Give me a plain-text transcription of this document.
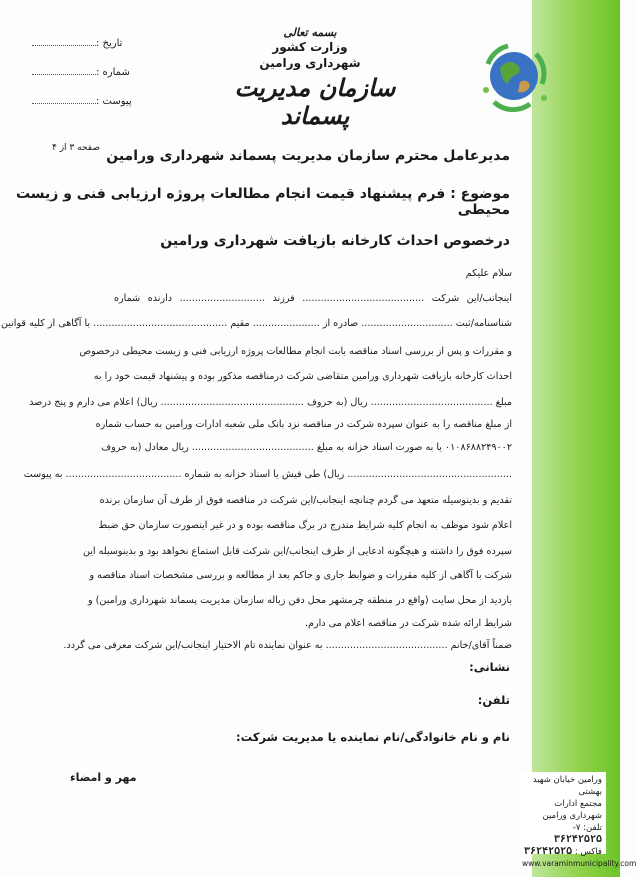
بسمه تعالی
وزارت کشور
شهرداری ورامین
سازمان مدیریت پسماند
تاریخ :
شماره :
پیوست :
صفحه ۳ از ۴ مدیرعامل محترم سازمان مدیریت پسماند شهرداری ورامین
موضوع : فرم پیشنهاد قیمت انجام مطالعات پروژه ارزیابی فنی و زیست محیطی
درخصوص احداث کارخانه بازیافت شهرداری ورامین
سلام علیکم
اینجانب/این شرکت ........................................ فرزند ............................ دارنده شماره
شناسنامه/ثبت .............................. صادره از ...................... مقیم ............................................ با آگاهی از کلیه قوانین
و مقررات و پس از بررسی اسناد مناقصه بابت انجام مطالعات پروژه ارزیابی فنی و زیست محیطی درخصوص
احداث کارخانه بازیافت شهرداری ورامین متقاضی شرکت درمناقصه مذکور بوده و پیشنهاد قیمت خود را به
مبلغ ........................................ ریال (به حروف ............................................... ریال) اعلام می دارم و پنج درصد
از مبلغ مناقصه را به عنوان سپرده شرکت در مناقصه نزد بانک ملی شعبه ادارات ورامین به حساب شماره
۰۱۰۸۶۸۸۲۴۹۰۰۲ یا به صورت اسناد خزانه به مبلغ ........................................ ریال معادل (به حروف
...................................................... ریال) طی فیش یا اسناد خزانه به شماره ...................................... به پیوست
تقدیم و بدینوسیله متعهد می گردم چنانچه اینجانب/این شرکت در مناقصه فوق از طرف آن سازمان برنده
اعلام شود موظف به انجام کلیه شرایط مندرج در برگ مناقصه بوده و در غیر اینصورت سازمان حق ضبط
سپرده فوق را داشته و هیچگونه ادعایی از طرف اینجانب/این شرکت قابل استماع نخواهد بود و بدینوسیله این
شرکت با آگاهی از کلیه مقررات و ضوابط جاری و حاکم بعد از مطالعه و بررسی مشخصات اسناد مناقصه و
بازدید از محل سایت (واقع در منطقه چرمشهر محل دفن زباله سازمان مدیریت پسماند شهرداری ورامین) و
شرایط ارائه شده شرکت در مناقصه اعلام می دارم.
ضمناً آقای/خانم ........................................ به عنوان نماینده تام الاختیار اینجانب/این شرکت معرفی می گردد.
نشانی:
تلفن:
نام و نام خانوادگی/نام نماینده یا مدیریت شرکت:
مهر و امضاء	ورامین خیابان شهید بهشتی
مجتمع ادارات
شهرداری ورامین
تلفن: ۷- ۳۶۲۴۲۵۲۵
فاکس : ۳۶۲۴۲۵۲۵
www.varaminmunicipality.com
